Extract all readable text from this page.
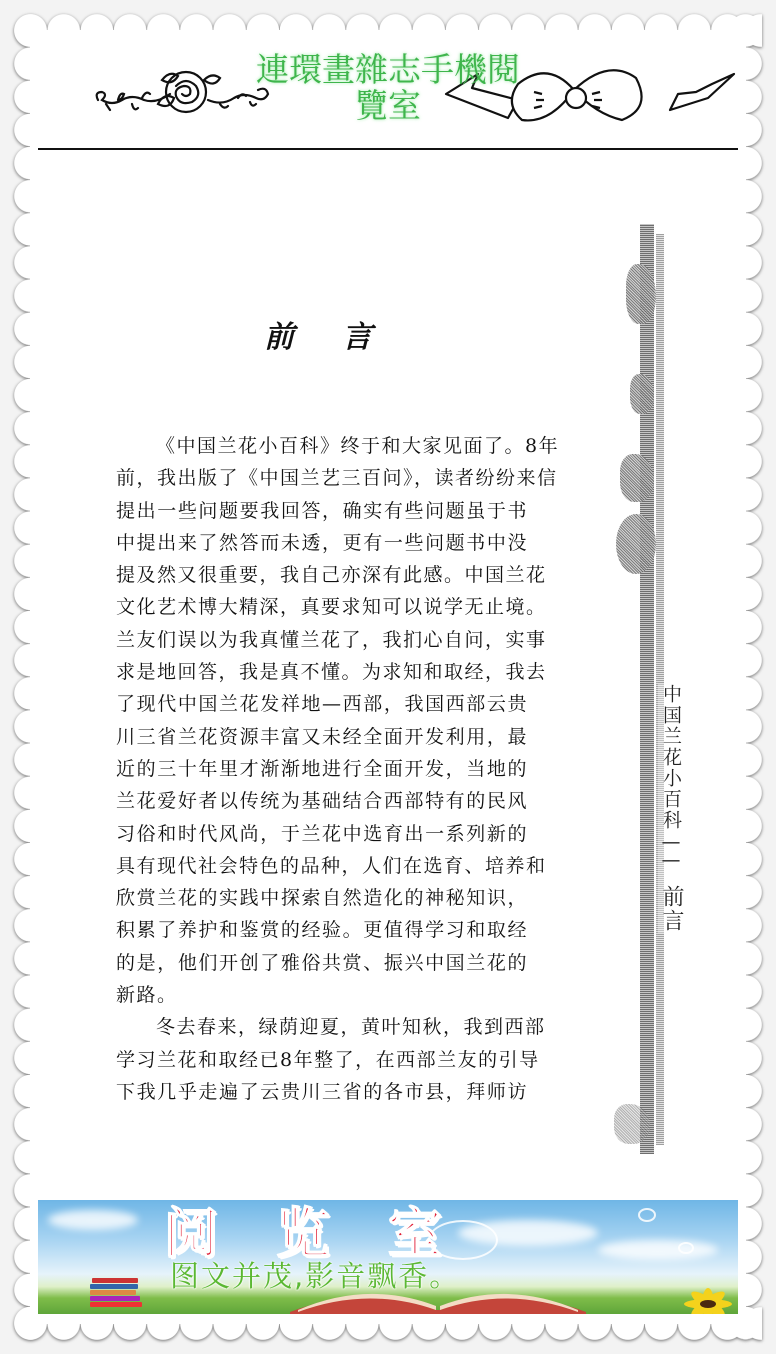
連環畫雜志手機閱
覽室
前言
《中国兰花小百科》终于和大家见面了。8年
前，我出版了《中国兰艺三百问》，读者纷纷来信
提出一些问题要我回答，确实有些问题虽于书
中提出来了然答而未透，更有一些问题书中没
提及然又很重要，我自己亦深有此感。中国兰花
文化艺术博大精深，真要求知可以说学无止境。
兰友们误以为我真懂兰花了，我扪心自问，实事
求是地回答，我是真不懂。为求知和取经，我去
了现代中国兰花发祥地—西部，我国西部云贵
川三省兰花资源丰富又未经全面开发利用，最
近的三十年里才渐渐地进行全面开发，当地的
兰花爱好者以传统为基础结合西部特有的民风
习俗和时代风尚，于兰花中选育出一系列新的
具有现代社会特色的品种，人们在选育、培养和
欣赏兰花的实践中探索自然造化的神秘知识，
积累了养护和鉴赏的经验。更值得学习和取经
的是，他们开创了雅俗共赏、振兴中国兰花的
新路。
冬去春来，绿荫迎夏，黄叶知秋，我到西部
学习兰花和取经已8年整了，在西部兰友的引导
下我几乎走遍了云贵川三省的各市县，拜师访
中国兰花小百科——前言
阅览室
图文并茂,影音飘香。
